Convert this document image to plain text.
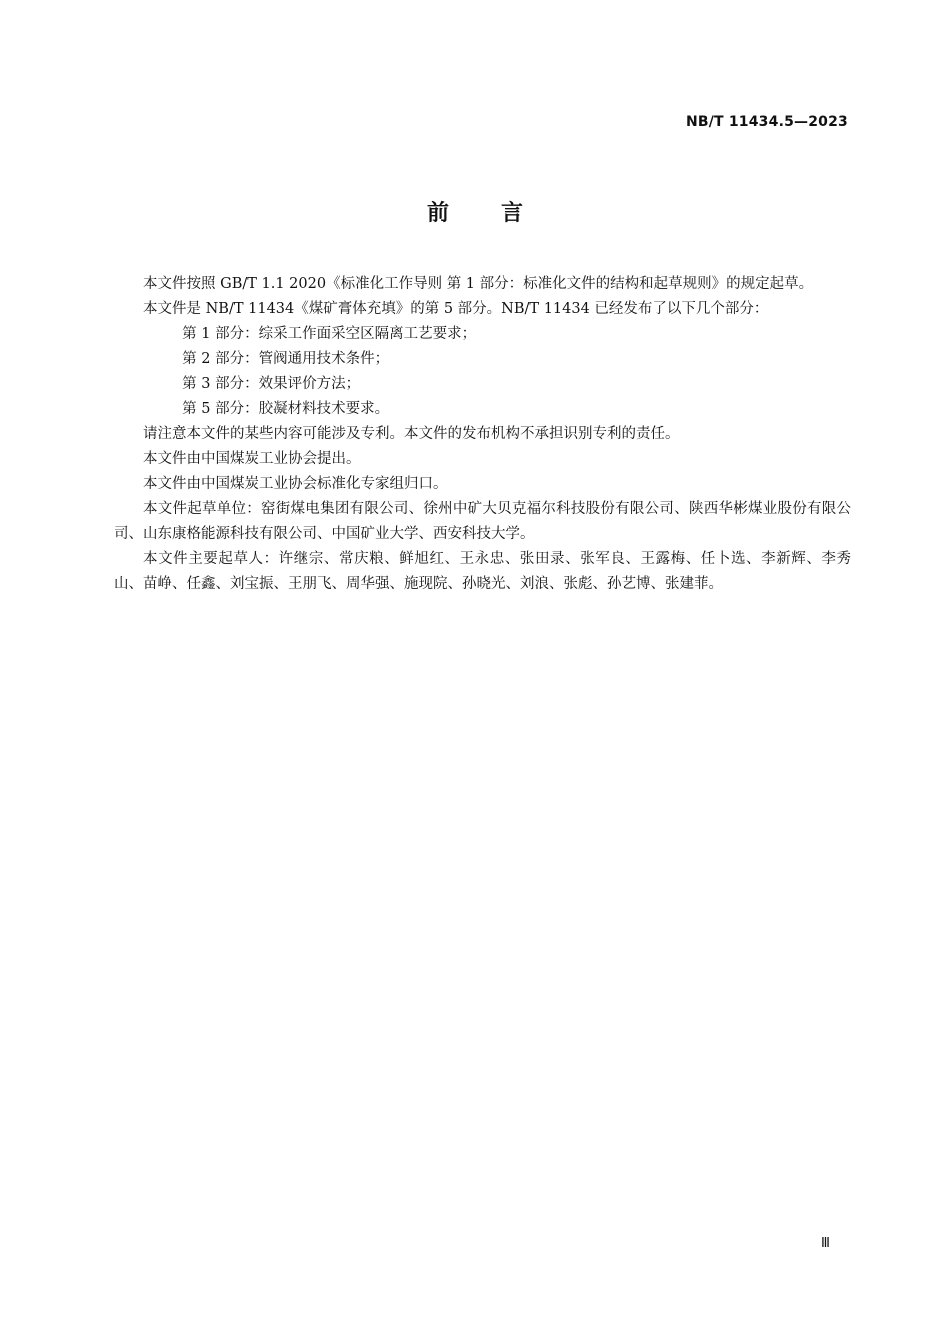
NB/T 11434.5—2023
前言

本文件按照 GB/T 1.1 2020《标准化工作导则 第 1 部分：标准化文件的结构和起草规则》的规定起草。

本文件是 NB/T 11434《煤矿膏体充填》的第 5 部分。NB/T 11434 已经发布了以下几个部分：

第 1 部分：综采工作面采空区隔离工艺要求；

第 2 部分：管阀通用技术条件；

第 3 部分：效果评价方法；

第 5 部分：胶凝材料技术要求。

请注意本文件的某些内容可能涉及专利。本文件的发布机构不承担识别专利的责任。

本文件由中国煤炭工业协会提出。

本文件由中国煤炭工业协会标准化专家组归口。

本文件起草单位：窑街煤电集团有限公司、徐州中矿大贝克福尔科技股份有限公司、陕西华彬煤业股份有限公司、山东康格能源科技有限公司、中国矿业大学、西安科技大学。

本文件主要起草人：许继宗、常庆粮、鲜旭红、王永忠、张田录、张军良、王露梅、任卜选、李新辉、李秀山、苗峥、任鑫、刘宝振、王朋飞、周华强、施现院、孙晓光、刘浪、张彪、孙艺博、张建菲。

Ⅲ
